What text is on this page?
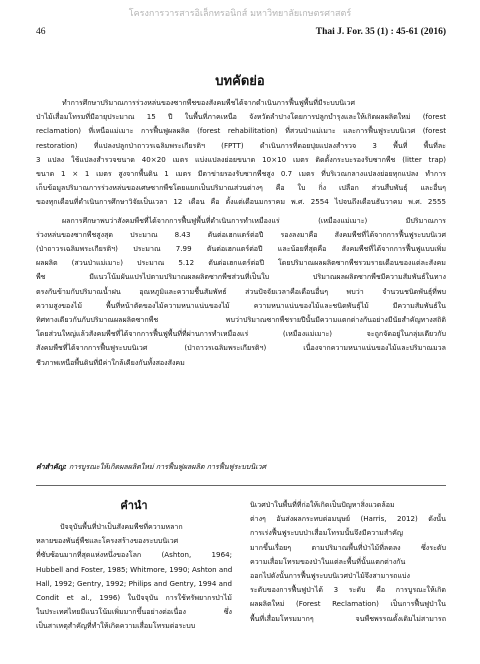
โครงการวารสารอิเล็กทรอนิกส์ มหาวิทยาลัยเกษตรศาสตร์
46	Thai J. For. 35 (1) : 45-61 (2016)
บทคัดย่อ
ทำการศึกษาปริมาณการร่วงหล่นของซากพืชของสังคมพืชได้จากดำเนินการฟื้นฟูพื้นที่มีระบบนิเวศ
ป่าไม้เสื่อมโทรมที่มีอายุประมาณ 15 ปี ในพื้นที่ภาคเหนือ จังหวัดลำปางโดยการปลูกบำรุงและให้เกิดผลผลิตใหม่ (forest
reclamation) ที่เหนือแม่เมาะ การฟื้นฟูผลผลิต (forest rehabilitation) ที่สวนป่าแม่เมาะ และการฟื้นฟูระบบนิเวศ (forest
restoration) ที่แปลงปลูกป่าถาวรเฉลิมพระเกียรติฯ (FPTT) ดำเนินการที่ดอยปุยแปลงสำรวจ 3 พื้นที่ พื้นที่ละ
3 แปลง ใช้แปลงสำรวจขนาด 40×20 เมตร แบ่งแปลงย่อยขนาด 10×10 เมตร ติดตั้งกระบะรองรับซากพืช (litter trap)
ขนาด 1 × 1 เมตร สูงจากพื้นดิน 1 เมตร มีตาข่ายรองรับซากพืชสูง 0.7 เมตร ที่บริเวณกลางแปลงย่อยทุกแปลง ทำการ
เก็บข้อมูลปริมาณการร่วงหล่นของเศษซากพืชโดยแยกเป็นปริมาณส่วนต่างๆ คือ ใบ กิ่ง เปลือก ส่วนสืบพันธุ์ และอื่นๆ
ของทุกเดือนที่ดำเนินการศึกษาวิจัยเป็นเวลา 12 เดือน คือ ตั้งแต่เดือนมกราคม พ.ศ. 2554 ไปจนถึงเดือนธันวาคม พ.ศ. 2555
ผลการศึกษาพบว่าสังคมพืชที่ได้จากการฟื้นฟูพื้นที่ดำเนินการทำเหมืองแร่ (เหมืองแม่เมาะ) มีปริมาณการ
ร่วงหล่นของซากพืชสูงสุด ประมาณ 8.43 ตันต่อเฮกแตร์ต่อปี รองลงมาคือ สังคมพืชที่ได้จากการฟื้นฟูระบบนิเวศ
(ป่าถาวรเฉลิมพระเกียรติฯ) ประมาณ 7.99 ตันต่อเฮกแตร์ต่อปี และน้อยที่สุดคือ สังคมพืชที่ได้จากการฟื้นฟูแบบเพิ่ม
ผลผลิต (สวนป่าแม่เมาะ) ประมาณ 5.12 ตันต่อเฮกแตร์ต่อปี โดยปริมาณผลผลิตซากพืชรวมรายเดือนของแต่ละสังคม
พืช มีแนวโน้มผันแปรไปตามปริมาณผลผลิตซากพืชส่วนที่เป็นใบ ปริมาณผลผลิตซากพืชมีความสัมพันธ์ในทาง
ตรงกันข้ามกับปริมาณน้ำฝน อุณหภูมิและความชื้นสัมพัทธ์ ส่วนปัจจัยเวลาคือเดือนอื่นๆ พบว่า จำนวนชนิดพันธุ์ที่พบ
ความสูงของไม้ พื้นที่หน้าตัดของไม้ความหนาแน่นของไม้ ความหนาแน่นของไม้และชนิดพันธุ์ไม้ มีความสัมพันธ์ใน
ทิศทางเดียวกันกับปริมาณผลผลิตซากพืช พบว่าปริมาณซากพืชรายปีนั้นมีความแตกต่างกันอย่างมีนัยสำคัญทางสถิติ
โดยส่วนใหญ่แล้วสังคมพืชที่ได้จากการฟื้นฟูพื้นที่ที่ผ่านการทำเหมืองแร่ (เหมืองแม่เมาะ) จะถูกจัดอยู่ในกลุ่มเดียวกับ
สังคมพืชที่ได้จากการฟื้นฟูระบบนิเวศ (ป่าถาวรเฉลิมพระเกียรติฯ) เนื่องจากความหนาแน่นของไม้และปริมาณมวล
ชีวภาพเหนือพื้นดินที่มีค่าใกล้เคียงกันทั้งสองสังคม
คำสำคัญ: การบูรณะให้เกิดผลผลิตใหม่ การฟื้นฟูผลผลิต การฟื้นฟูระบบนิเวศ
คำนำ
ปัจจุบันพื้นที่ป่าเป็นสังคมพืชที่ความหลาก
หลายของพันธุ์พืชและโครงสร้างของระบบนิเวศ
ที่ซับซ้อนมากที่สุดแห่งหนึ่งของโลก (Ashton, 1964;
Hubbell and Foster, 1985; Whitmore, 1990; Ashton and
Hall, 1992; Gentry, 1992; Philips and Gentry, 1994 and
Condit et al., 1996) ในปัจจุบัน การใช้ทรัพยากรป่าไม้
ในประเทศไทยมีแนวโน้มเพิ่มมากขึ้นอย่างต่อเนื่อง ซึ่ง
เป็นสาเหตุสำคัญที่ทำให้เกิดความเสื่อมโทรมต่อระบบ
นิเวศป่าในพื้นที่ที่ก่อให้เกิดเป็นปัญหาสิ่งแวดล้อม
ต่างๆ อันส่งผลกระทบต่อมนุษย์ (Harris, 2012) ดังนั้น
การเร่งฟื้นฟูระบบป่าเสื่อมโทรมนั้นจึงมีความสำคัญ
มากขึ้นเรื่อยๆ ตามปริมาณพื้นที่ป่าไม้ที่ลดลง ซึ่งระดับ
ความเสื่อมโทรมของป่าในแต่ละพื้นที่นั้นแตกต่างกัน
ออกไปดังนั้นการฟื้นฟูระบบนิเวศป่าไม้จึงสามารถแบ่ง
ระดับของการฟื้นฟูป่าได้ 3 ระดับ คือ การบูรณะให้เกิด
ผลผลิตใหม่ (Forest Reclamation) เป็นการฟื้นฟูป่าใน
พื้นที่เสื่อมโทรมมากๆ จนพืชพรรณดั้งเดิมไม่สามารถ
